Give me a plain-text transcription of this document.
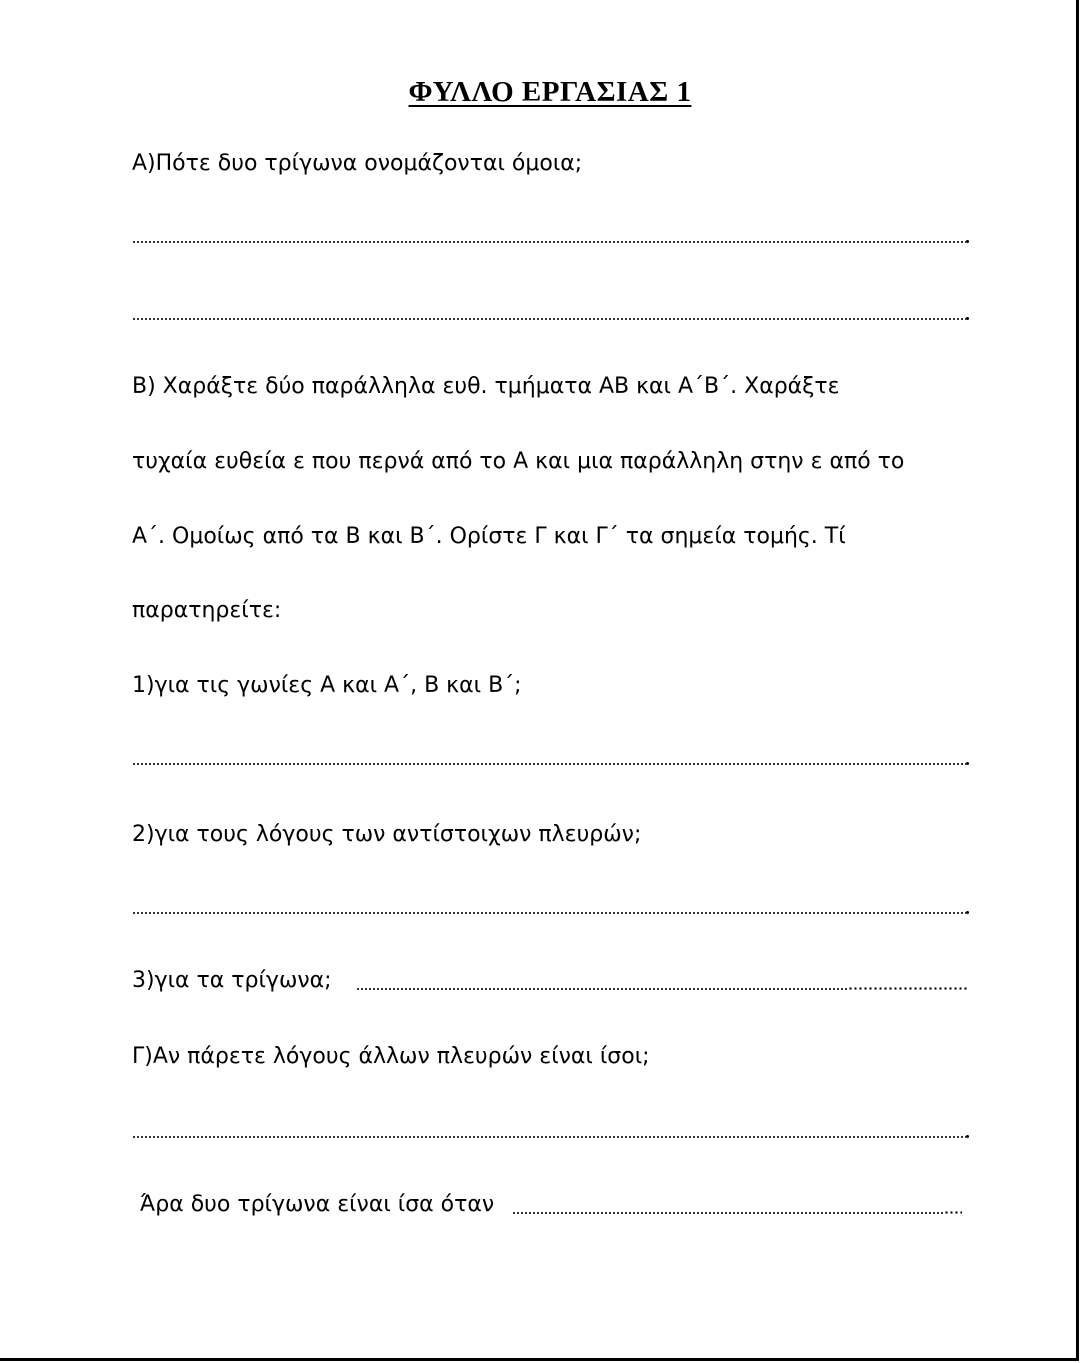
ΦΥΛΛΟ ΕΡΓΑΣΙΑΣ 1
Α)Πότε δυο τρίγωνα ονομάζονται όμοια;
Β) Χαράξτε δύο παράλληλα ευθ. τμήματα ΑΒ και Α΄Β΄. Χαράξτε
τυχαία ευθεία ε που περνά από το Α και μια παράλληλη στην ε από το
Α΄. Ομοίως από τα Β και Β΄. Ορίστε Γ και Γ΄ τα σημεία τομής. Τί
παρατηρείτε:
1)για τις γωνίες Α και Α΄, Β και Β΄;
2)για τους λόγους των αντίστοιχων πλευρών;
3)για τα τρίγωνα;
Γ)Αν πάρετε λόγους άλλων πλευρών είναι ίσοι;
Άρα δυο τρίγωνα είναι ίσα όταν
